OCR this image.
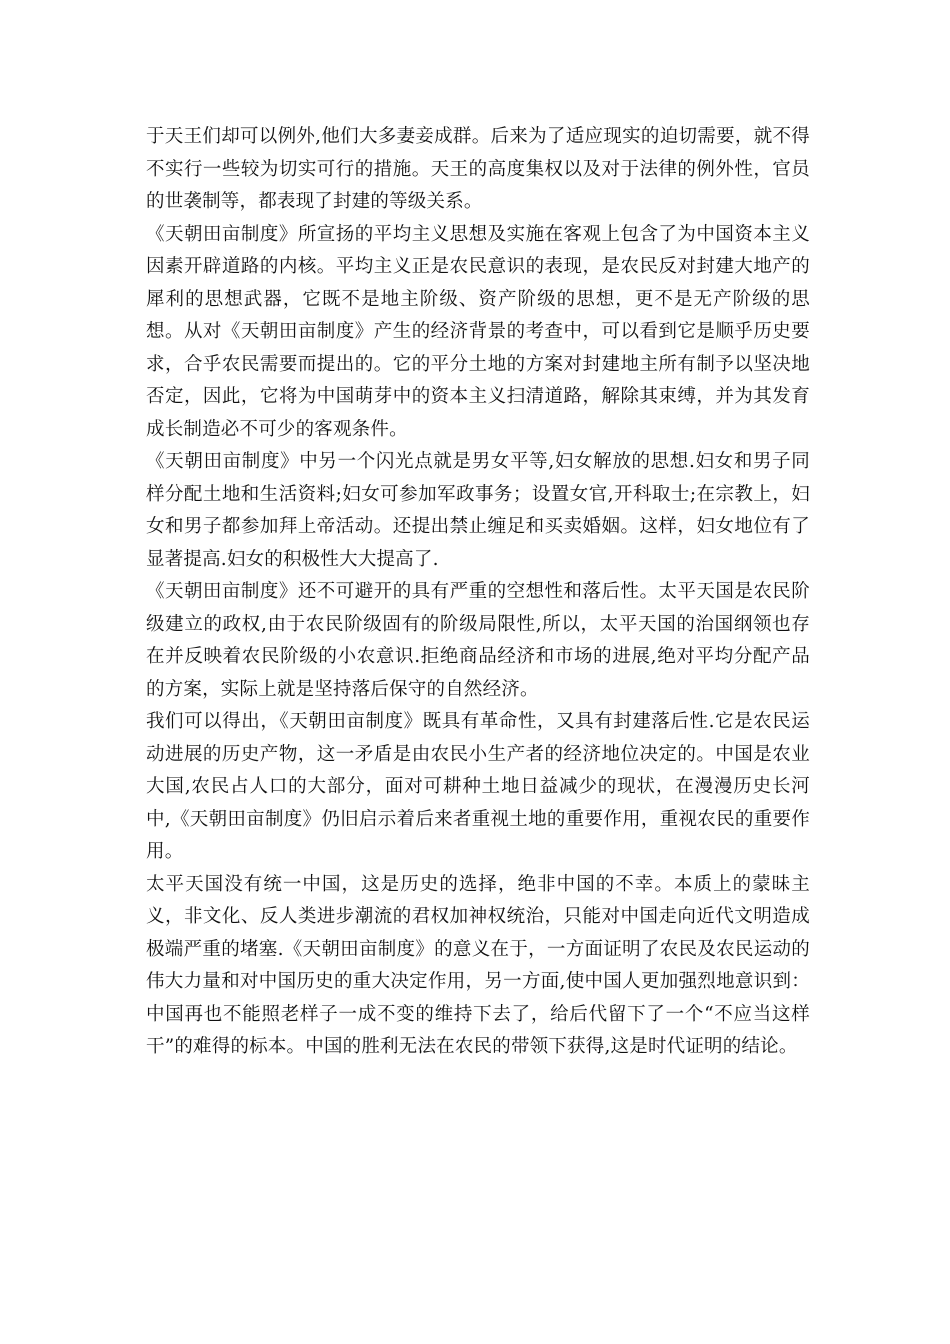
于天王们却可以例外,他们大多妻妾成群。后来为了适应现实的迫切需要，就不得不实行一些较为切实可行的措施。天王的高度集权以及对于法律的例外性，官员的世袭制等，都表现了封建的等级关系。

《天朝田亩制度》所宣扬的平均主义思想及实施在客观上包含了为中国资本主义因素开辟道路的内核。平均主义正是农民意识的表现，是农民反对封建大地产的犀利的思想武器，它既不是地主阶级、资产阶级的思想，更不是无产阶级的思想。从对《天朝田亩制度》产生的经济背景的考查中，可以看到它是顺乎历史要求，合乎农民需要而提出的。它的平分土地的方案对封建地主所有制予以坚决地否定，因此，它将为中国萌芽中的资本主义扫清道路，解除其束缚，并为其发育成长制造必不可少的客观条件。

《天朝田亩制度》中另一个闪光点就是男女平等,妇女解放的思想.妇女和男子同样分配土地和生活资料;妇女可参加军政事务；设置女官,开科取士;在宗教上，妇女和男子都参加拜上帝活动。还提出禁止缠足和买卖婚姻。这样，妇女地位有了显著提高.妇女的积极性大大提高了.

《天朝田亩制度》还不可避开的具有严重的空想性和落后性。太平天国是农民阶级建立的政权,由于农民阶级固有的阶级局限性,所以，太平天国的治国纲领也存在并反映着农民阶级的小农意识.拒绝商品经济和市场的进展,绝对平均分配产品的方案，实际上就是坚持落后保守的自然经济。

我们可以得出，《天朝田亩制度》既具有革命性，又具有封建落后性.它是农民运动进展的历史产物，这一矛盾是由农民小生产者的经济地位决定的。中国是农业大国,农民占人口的大部分，面对可耕种土地日益减少的现状，在漫漫历史长河中,《天朝田亩制度》仍旧启示着后来者重视土地的重要作用，重视农民的重要作用。

太平天国没有统一中国，这是历史的选择，绝非中国的不幸。本质上的蒙昧主义，非文化、反人类进步潮流的君权加神权统治，只能对中国走向近代文明造成极端严重的堵塞.《天朝田亩制度》的意义在于，一方面证明了农民及农民运动的伟大力量和对中国历史的重大决定作用，另一方面,使中国人更加强烈地意识到：中国再也不能照老样子一成不变的维持下去了，给后代留下了一个“不应当这样干”的难得的标本。中国的胜利无法在农民的带领下获得,这是时代证明的结论。
